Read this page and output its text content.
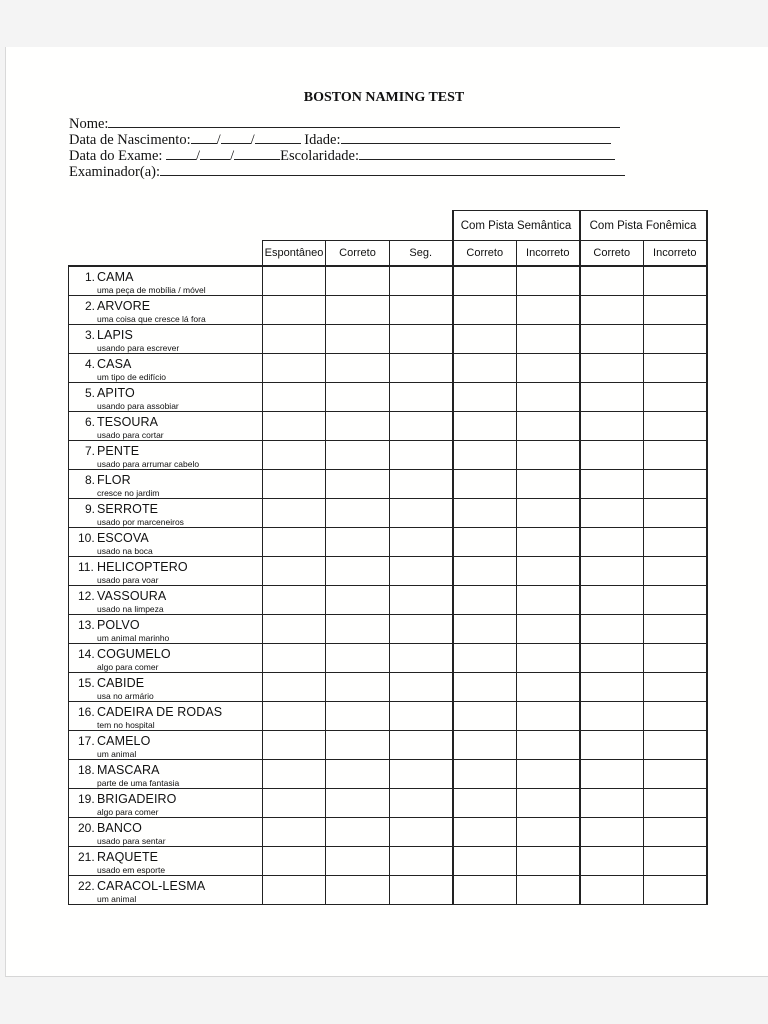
BOSTON NAMING TEST
Nome:
Data de Nascimento: / /	Idade:
Data do Exame: / /	Escolaridade:
Examinador(a):
				Com Pista Semântica		Com Pista Fonêmica	
	Espontâneo	Correto	Seg.	Correto	Incorreto	Correto	Incorreto

1. CAMA
uma peça de mobília / móvel							

2. ARVORE
uma coisa que cresce lá fora							

3. LAPIS
usando para escrever							

4. CASA
um tipo de edifício							

5. APITO
usando para assobiar							

6. TESOURA
usado para cortar							

7. PENTE
usado para arrumar cabelo							

8. FLOR
cresce no jardim							

9. SERROTE
usado por marceneiros							

10. ESCOVA
usado na boca							

11. HELICOPTERO
usado para voar							

12. VASSOURA
usado na limpeza							

13. POLVO
um animal marinho							

14. COGUMELO
algo para comer							

15. CABIDE
usa no armário							

16. CADEIRA DE RODAS
tem no hospital							

17. CAMELO
um animal							

18. MASCARA
parte de uma fantasia							

19. BRIGADEIRO
algo para comer							

20. BANCO
usado para sentar							

21. RAQUETE
usado em esporte							

22. CARACOL-LESMA
um animal							
